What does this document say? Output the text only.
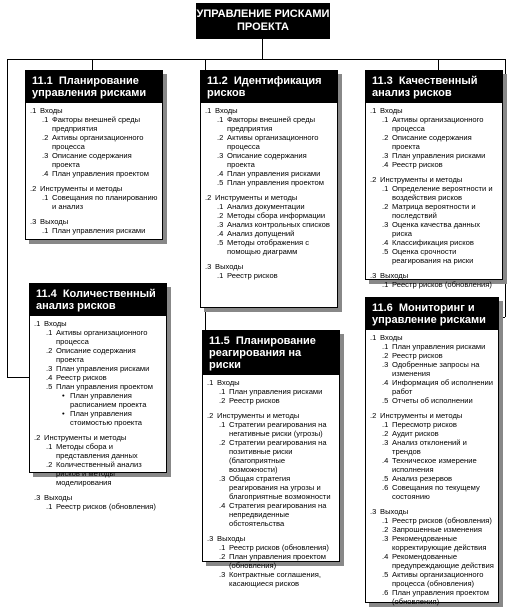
УПРАВЛЕНИЕ РИСКАМИ ПРОЕКТА
11.1 Планирование управления рисками
.1 Входы
.1 Факторы внешней среды предприятия
.2 Активы организационного процесса
.3 Описание содержания проекта
.4 План управления проектом
.2 Инструменты и методы
.1 Совещания по планированию и анализ
.3 Выходы
.1 План управления рисками
11.2 Идентификация рисков
.1 Входы
.1 Факторы внешней среды предприятия
.2 Активы организационного процесса
.3 Описание содержания проекта
.4 План управления рисками
.5 План управления проектом
.2 Инструменты и методы
.1 Анализ документации
.2 Методы сбора информации
.3 Анализ контрольных списков
.4 Анализ допущений
.5 Методы отображения с помощью диаграмм
.3 Выходы
.1 Реестр рисков
11.3 Качественный анализ рисков
.1 Входы
.1 Активы организационного процесса
.2 Описание содержания проекта
.3 План управления рисками
.4 Реестр рисков
.2 Инструменты и методы
.1 Определение вероятности и воздействия рисков
.2 Матрица вероятности и последствий
.3 Оценка качества данных риска
.4 Классификация рисков
.5 Оценка срочности реагирования на риски
.3 Выходы
.1 Реестр рисков (обновления)
11.4 Количественный анализ рисков
.1 Входы
.1 Активы организационного процесса
.2 Описание содержания проекта
.3 План управления рисками
.4 Реестр рисков
.5 План управления проектом
• План управления расписанием проекта
• План управления стоимостью проекта
.2 Инструменты и методы
.1 Методы сбора и представления данных
.2 Количественный анализ рисков и методы моделирования
.3 Выходы
.1 Реестр рисков (обновления)
11.5 Планирование реагирования на риски
.1 Входы
.1 План управления рисками
.2 Реестр рисков
.2 Инструменты и методы
.1 Стратегии реагирования на негативные риски (угрозы)
.2 Стратегии реагирования на позитивные риски (благоприятные возможности)
.3 Общая стратегия реагирования на угрозы и благоприятные возможности
.4 Стратегия реагирования на непредвиденные обстоятельства
.3 Выходы
.1 Реестр рисков (обновления)
.2 План управления проектом (обновления)
.3 Контрактные соглашения, касающиеся рисков
11.6 Мониторинг и управление рисками
.1 Входы
.1 План управления рисками
.2 Реестр рисков
.3 Одобренные запросы на изменения
.4 Информация об исполнении работ
.5 Отчеты об исполнении
.2 Инструменты и методы
.1 Пересмотр рисков
.2 Аудит рисков
.3 Анализ отклонений и трендов
.4 Техническое измерение исполнения
.5 Анализ резервов
.6 Совещания по текущему состоянию
.3 Выходы
.1 Реестр рисков (обновления)
.2 Запрошенные изменения
.3 Рекомендованные корректирующие действия
.4 Рекомендованные предупреждающие действия
.5 Активы организационного процесса (обновления)
.6 План управления проектом (обновления)
